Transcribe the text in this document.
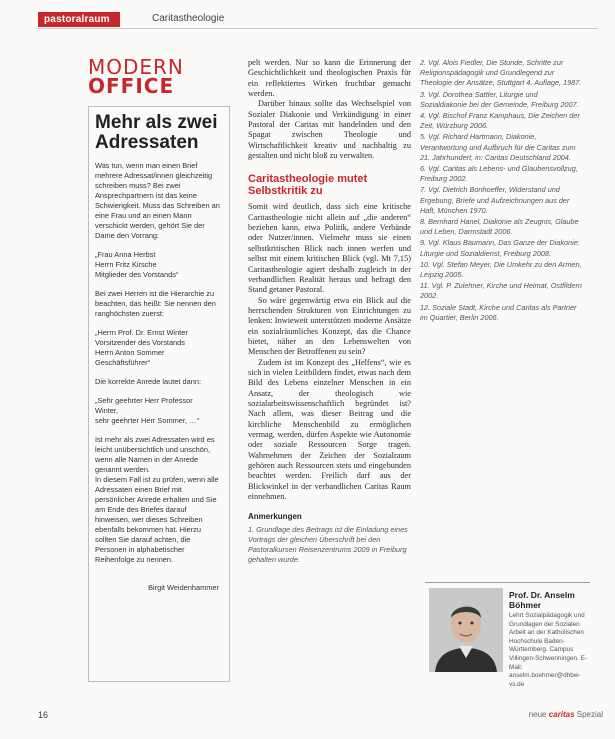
pastoralraum	Caritastheologie
MODERN
OFFICE
Mehr als zwei Adressaten
Was tun, wenn man einen Brief mehrere Adressat/innen gleichzeitig schreiben muss? Bei zwei Ansprechpartnern ist das keine Schwierigkeit. Muss das Schreiben an eine Frau und an einen Mann verschickt werden, gehört Sie der Dame den Vorrang:
„Frau Anna Herbst
Herrn Fritz Kirsche
Mitglieder des Vorstands“
Bei zwei Herren ist die Hierarchie zu beachten, das heißt: Sie nennen den ranghöchsten zuerst:
„Herrn Prof. Dr. Ernst Winter
Vorsitzender des Vorstands
Herrn Anton Sommer
Geschäftsführer“
Die korrekte Anrede lautet dann:
„Sehr geehrter Herr Professor
Winter,
sehr geehrter Herr Sommer, …“
Ist mehr als zwei Adressaten wird es leicht unübersichtlich und unschön, wenn alle Namen in der Anrede genannt werden.
In diesem Fall ist zu prüfen, wenn alle Adressaten einen Brief mit persönlicher Anrede erhalten und Sie am Ende des Briefes darauf hinweisen, wer dieses Schreiben ebenfalls bekommen hat. Hierzu sollten Sie darauf achten, die Personen in alphabetischer Reihenfolge zu nennen.
Birgit Weidenhammer

pelt werden. Nur so kann die Erinnerung der Geschichtlichkeit und theologischen Praxis für ein reflektiertes Wirken fruchtbar gemacht werden.

Darüber hinaus sollte das Wechselspiel von Sozialer Diakonie und Verkündigung in einer Pastoral der Caritas mit handelnden und den Spagat zwischen Theologie und Wirtschaftlichkeit kreativ und nachhaltig zu gestalten und nicht bloß zu verwalten.

Caritastheologie mutet Selbstkritik zu

Somit wird deutlich, dass sich eine kritische Caritastheologie nicht allein auf „die anderen“ beziehen kann, etwa Politik, andere Verbände oder Nutzer/innen. Vielmehr muss sie einen selbstkritischen Blick nach innen werfen und selbst mit einem kritischen Blick (vgl. Mt 7,15) Caritastheologie agiert deshalb zugleich in der verbandlichen Realität heraus und befragt den Stand getaner Pastoral.

So wäre gegenwärtig etwa ein Blick auf die herrschenden Strukturen von Einrichtungen zu lenken: Inwieweit unterstützen moderne Ansätze ein sozialräumliches Konzept, das die Chance bietet, näher an den Lebenswelten von Menschen der Betroffenen zu sein?

Zudem ist im Konzept des „Helfens“, wie es sich in vielen Leitbildern findet, etwas nach dem Bild des Lebens einzelner Menschen in ein Ansatz, der theologisch wie sozialarbeitswissenschaftlich begründet ist? Nach allem, was dieser Beitrag und die kirchliche Menschenbild zu ermöglichen vermag, werden, dürfen Aspekte wie Autonomie oder soziale Ressourcen Sorge tragen. Wahrnehmen der Zeichen der Sozialraum gehören auch Ressourcen stets und eingebunden beachtet werden. Freilich darf aus der Blickwinkel in der verbandlichen Caritas Raum einnehmen.

Anmerkungen
1. Grundlage des Beitrags ist die Einladung eines Vortrags der gleichen Überschrift bei den Pastoralkursen Reisenzentrums 2009 in Freiburg gehalten wurde.
2. Vgl. Alois Fiedler, Die Stunde, Schritte zur Religionspädagogik und Grundlegend zur Theologie der Ansätze, Stuttgart 4. Auflage, 1987.
3. Vgl. Dorothea Sattler, Liturgie und Sozialdiakonie bei der Gemeinde, Freiburg 2007.
4. Vgl. Bischof Franz Kamphaus, Die Zeichen der Zeit, Würzburg 2006.
5. Vgl. Richard Hartmann, Diakonie, Verantwortung und Aufbruch für die Caritas zum 21. Jahrhundert, in: Caritas Deutschland 2004.
6. Vgl. Caritas als Lebens- und Glaubensvollzug, Freiburg 2002.
7. Vgl. Dietrich Bonhoeffer, Widerstand und Ergebung, Briefe und Aufzeichnungen aus der Haft, München 1970.
8. Bernhard Hanel, Diakonie als Zeugnis, Glaube und Leben, Darmstadt 2006.
9. Vgl. Klaus Baumann, Das Ganze der Diakonie: Liturgie und Sozialdienst, Freiburg 2008.
10. Vgl. Stefan Meyer, Die Umkehr zu den Armen, Leipzig 2005.
11. Vgl. P. Zulehner, Kirche und Heimat, Ostfildern 2002.
12. Soziale Stadt, Kirche und Caritas als Partner im Quartier, Berlin 2006.
Prof. Dr. Anselm Böhmer
Lehrt Sozialpädagogik und Grundlagen der Sozialen Arbeit an der Katholischen Hochschule Baden-Württemberg. Campus Villingen-Schwenningen. E-Mail: anselm.boehmer@dhbw-vs.de
16	neue caritas Spezial
